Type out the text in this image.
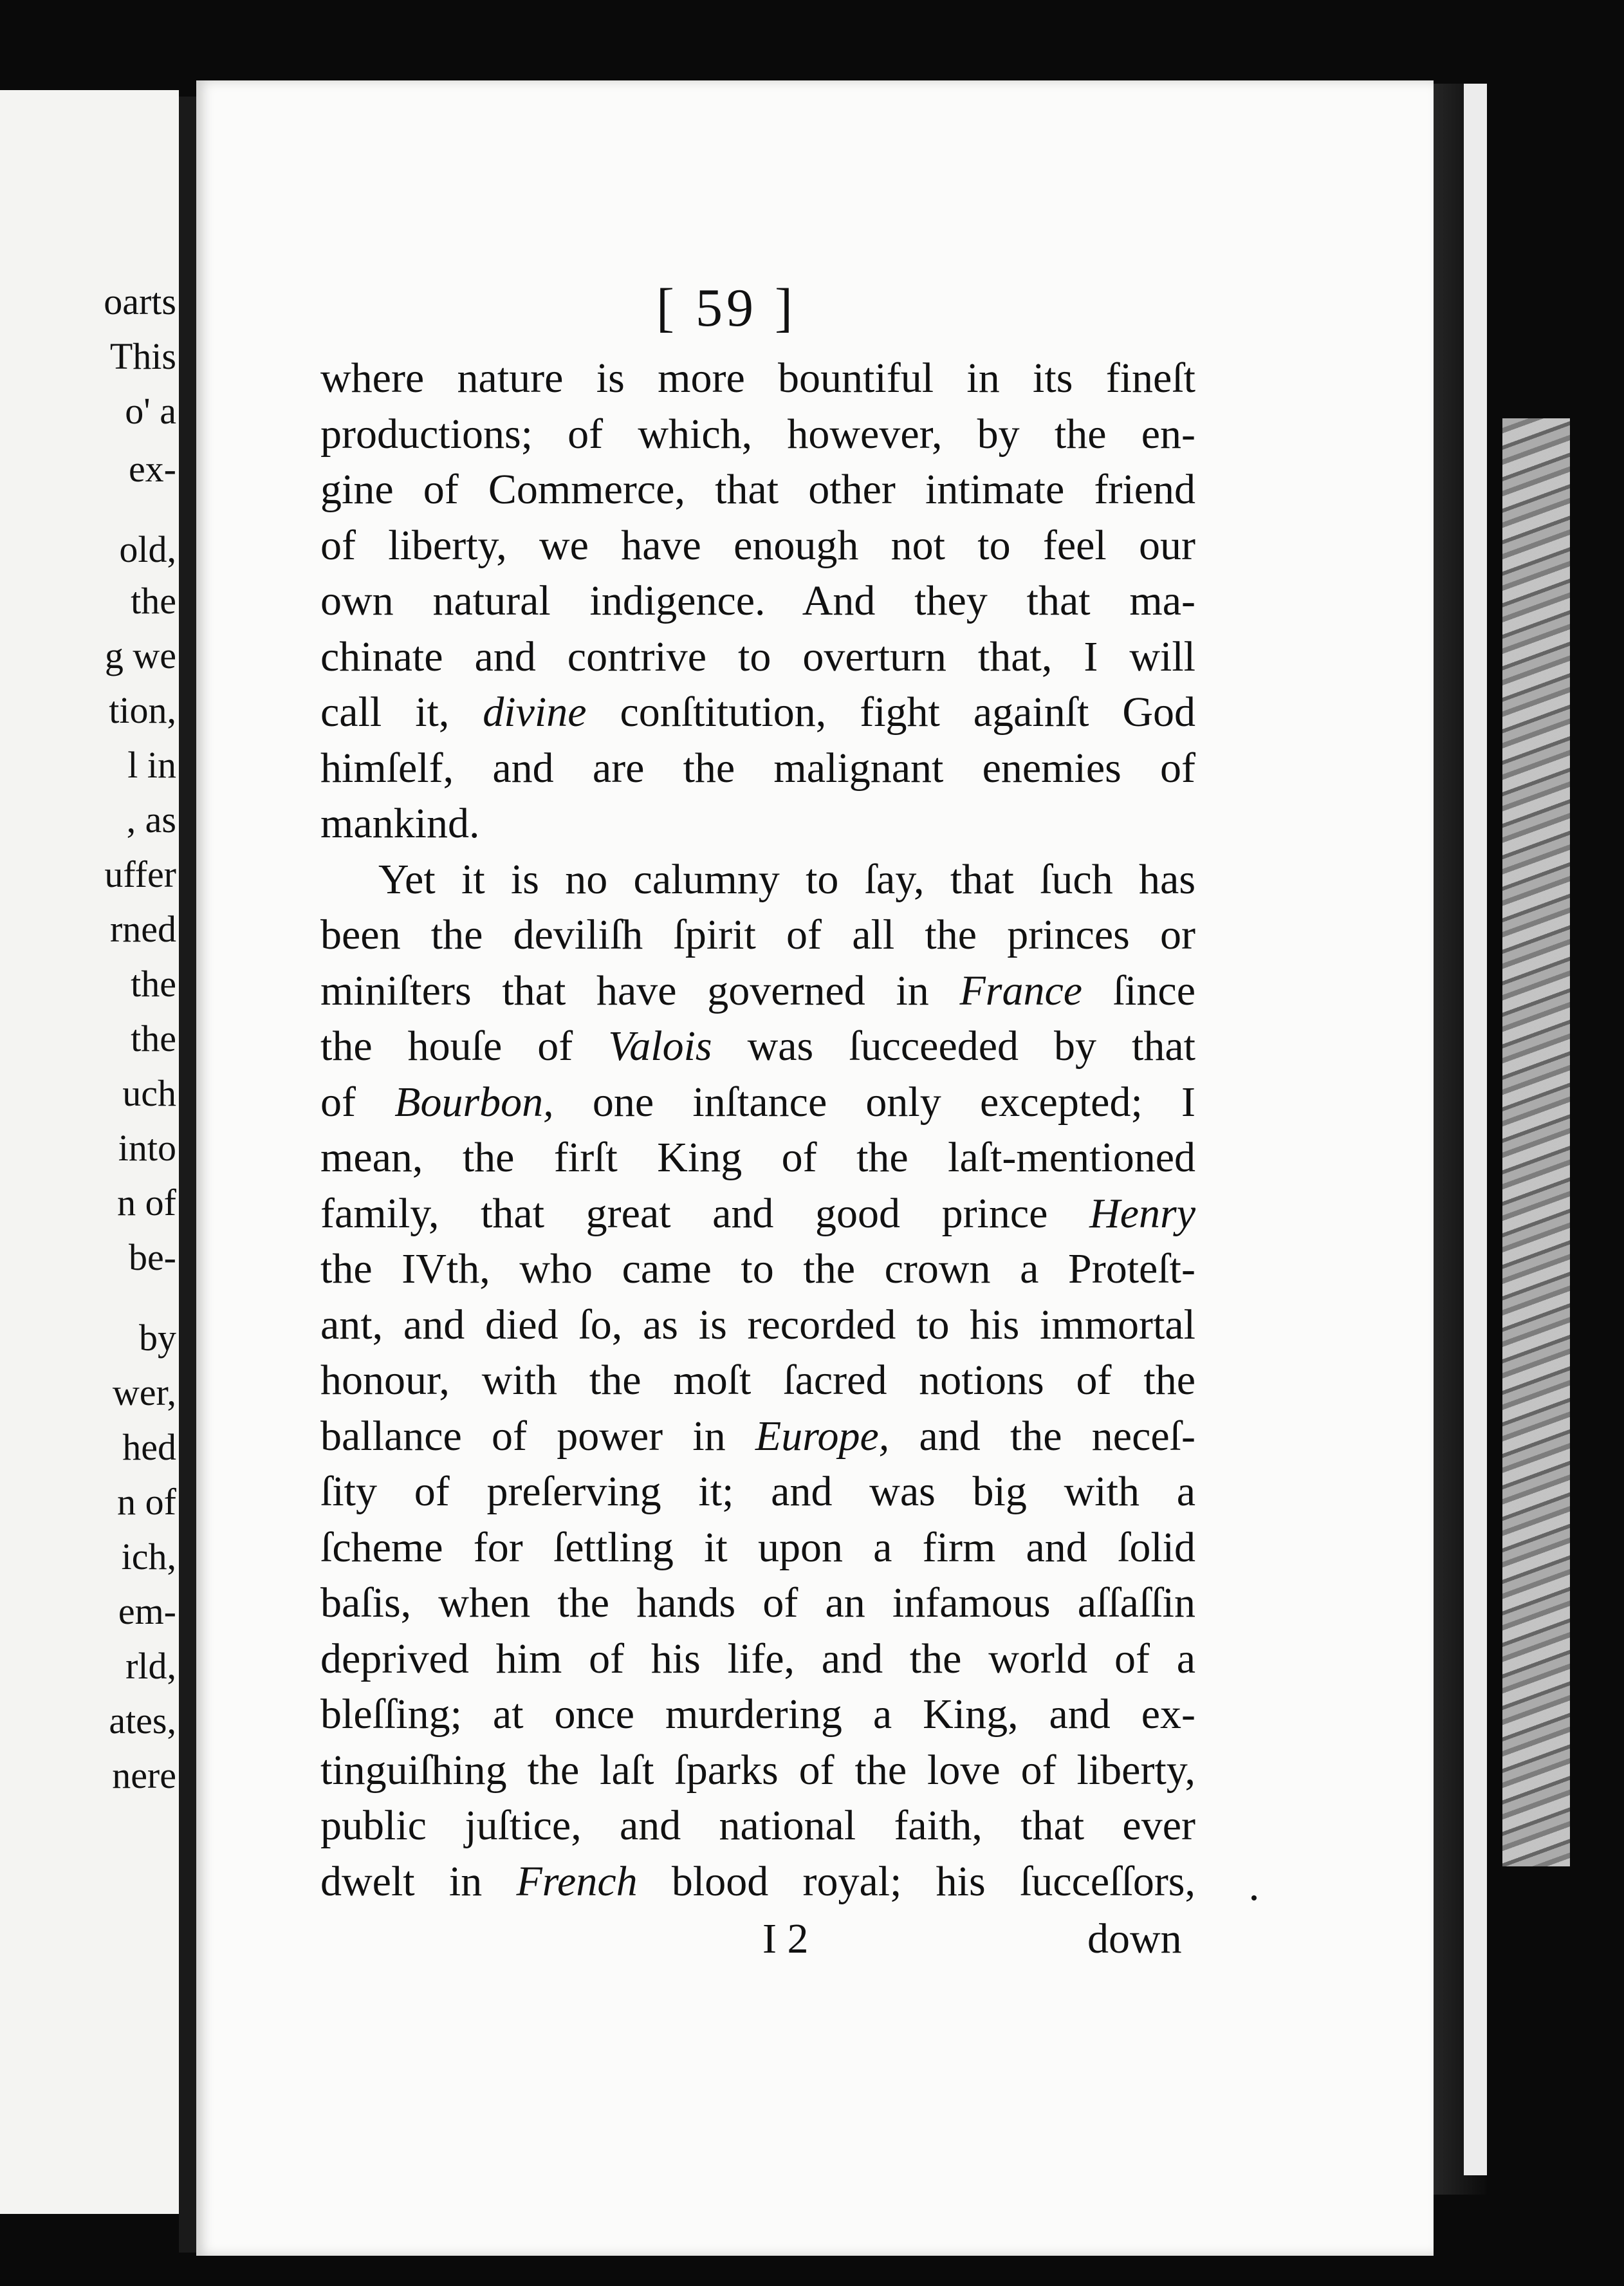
oarts
This
o' a
ex-
old,
the
g we
tion,
l in
, as
uffer
rned
the
the
uch
into
n of
be-
by
wer,
hed
n of
ich,
em-
rld,
ates,
nere
[ 59 ]
where nature is more bountiful in its fineſt
productions; of which, however, by the en-
gine of Commerce, that other intimate friend
of liberty, we have enough not to feel our
own natural indigence. And they that ma-
chinate and contrive to overturn that, I will
call it, divine conſtitution, fight againſt God
himſelf, and are the malignant enemies of
mankind.
Yet it is no calumny to ſay, that ſuch has
been the deviliſh ſpirit of all the princes or
miniſters that have governed in France ſince
the houſe of Valois was ſucceeded by that
of Bourbon, one inſtance only excepted; I
mean, the firſt King of the laſt-mentioned
family, that great and good prince Henry
the IVth, who came to the crown a Proteſt-
ant, and died ſo, as is recorded to his immortal
honour, with the moſt ſacred notions of the
ballance of power in Europe, and the neceſ-
ſity of preſerving it; and was big with a
ſcheme for ſettling it upon a firm and ſolid
baſis, when the hands of an infamous aſſaſſin
deprived him of his life, and the world of a
bleſſing; at once murdering a King, and ex-
tinguiſhing the laſt ſparks of the love of liberty,
public juſtice, and national faith, that ever
dwelt in French blood royal; his ſucceſſors,
I 2	down
